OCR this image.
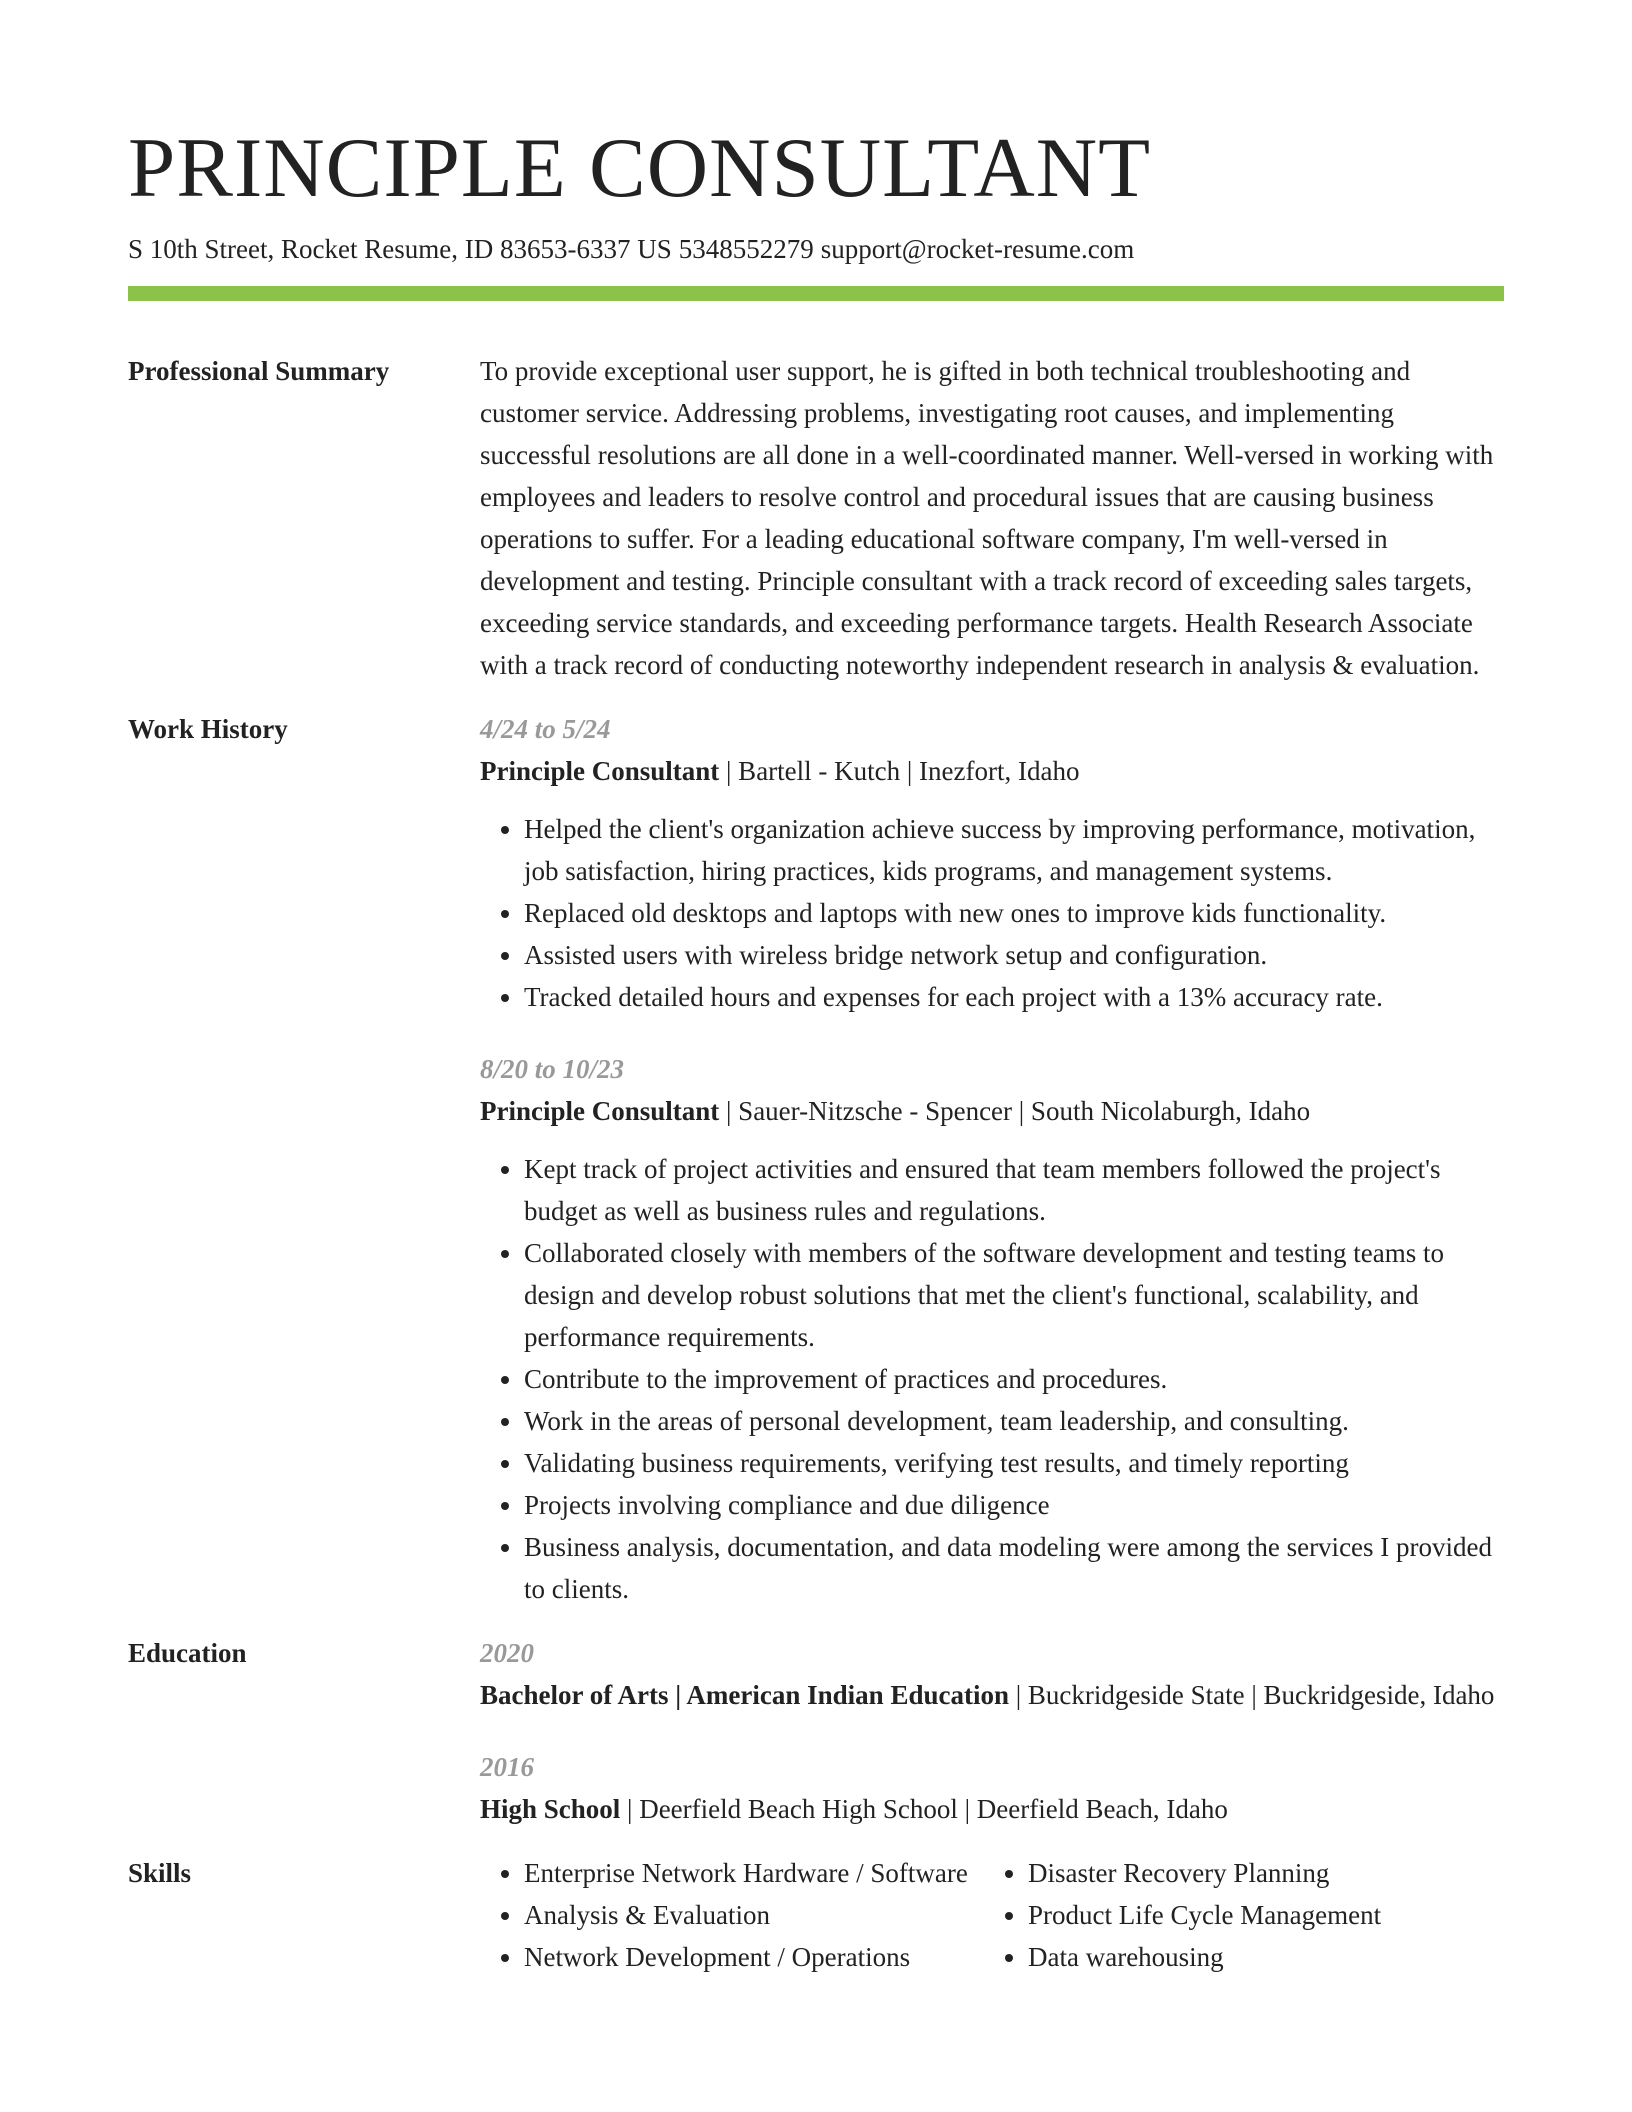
PRINCIPLE CONSULTANT
S 10th Street, Rocket Resume, ID 83653-6337 US 5348552279 support@rocket-resume.com
Professional Summary	To provide exceptional user support, he is gifted in both technical troubleshooting and customer service. Addressing problems, investigating root causes, and implementing successful resolutions are all done in a well-coordinated manner. Well-versed in working with employees and leaders to resolve control and procedural issues that are causing business operations to suffer. For a leading educational software company, I'm well-versed in development and testing. Principle consultant with a track record of exceeding sales targets, exceeding service standards, and exceeding performance targets. Health Research Associate with a track record of conducting noteworthy independent research in analysis & evaluation.

Work History	4/24 to 5/24
Principle Consultant | Bartell - Kutch | Inezfort, Idaho
• Helped the client's organization achieve success by improving performance, motivation, job satisfaction, hiring practices, kids programs, and management systems.
• Replaced old desktops and laptops with new ones to improve kids functionality.
• Assisted users with wireless bridge network setup and configuration.
• Tracked detailed hours and expenses for each project with a 13% accuracy rate.
8/20 to 10/23
Principle Consultant | Sauer-Nitzsche - Spencer | South Nicolaburgh, Idaho
• Kept track of project activities and ensured that team members followed the project's budget as well as business rules and regulations.
• Collaborated closely with members of the software development and testing teams to design and develop robust solutions that met the client's functional, scalability, and performance requirements.
• Contribute to the improvement of practices and procedures.
• Work in the areas of personal development, team leadership, and consulting.
• Validating business requirements, verifying test results, and timely reporting
• Projects involving compliance and due diligence
• Business analysis, documentation, and data modeling were among the services I provided to clients.
Education	2020
Bachelor of Arts | American Indian Education | Buckridgeside State | Buckridgeside, Idaho
2016
High School | Deerfield Beach High School | Deerfield Beach, Idaho
Skills
•	Enterprise Network Hardware / Software
• Analysis & Evaluation
• Network Development / Operations
• Disaster Recovery Planning
• Product Life Cycle Management
• Data warehousing
